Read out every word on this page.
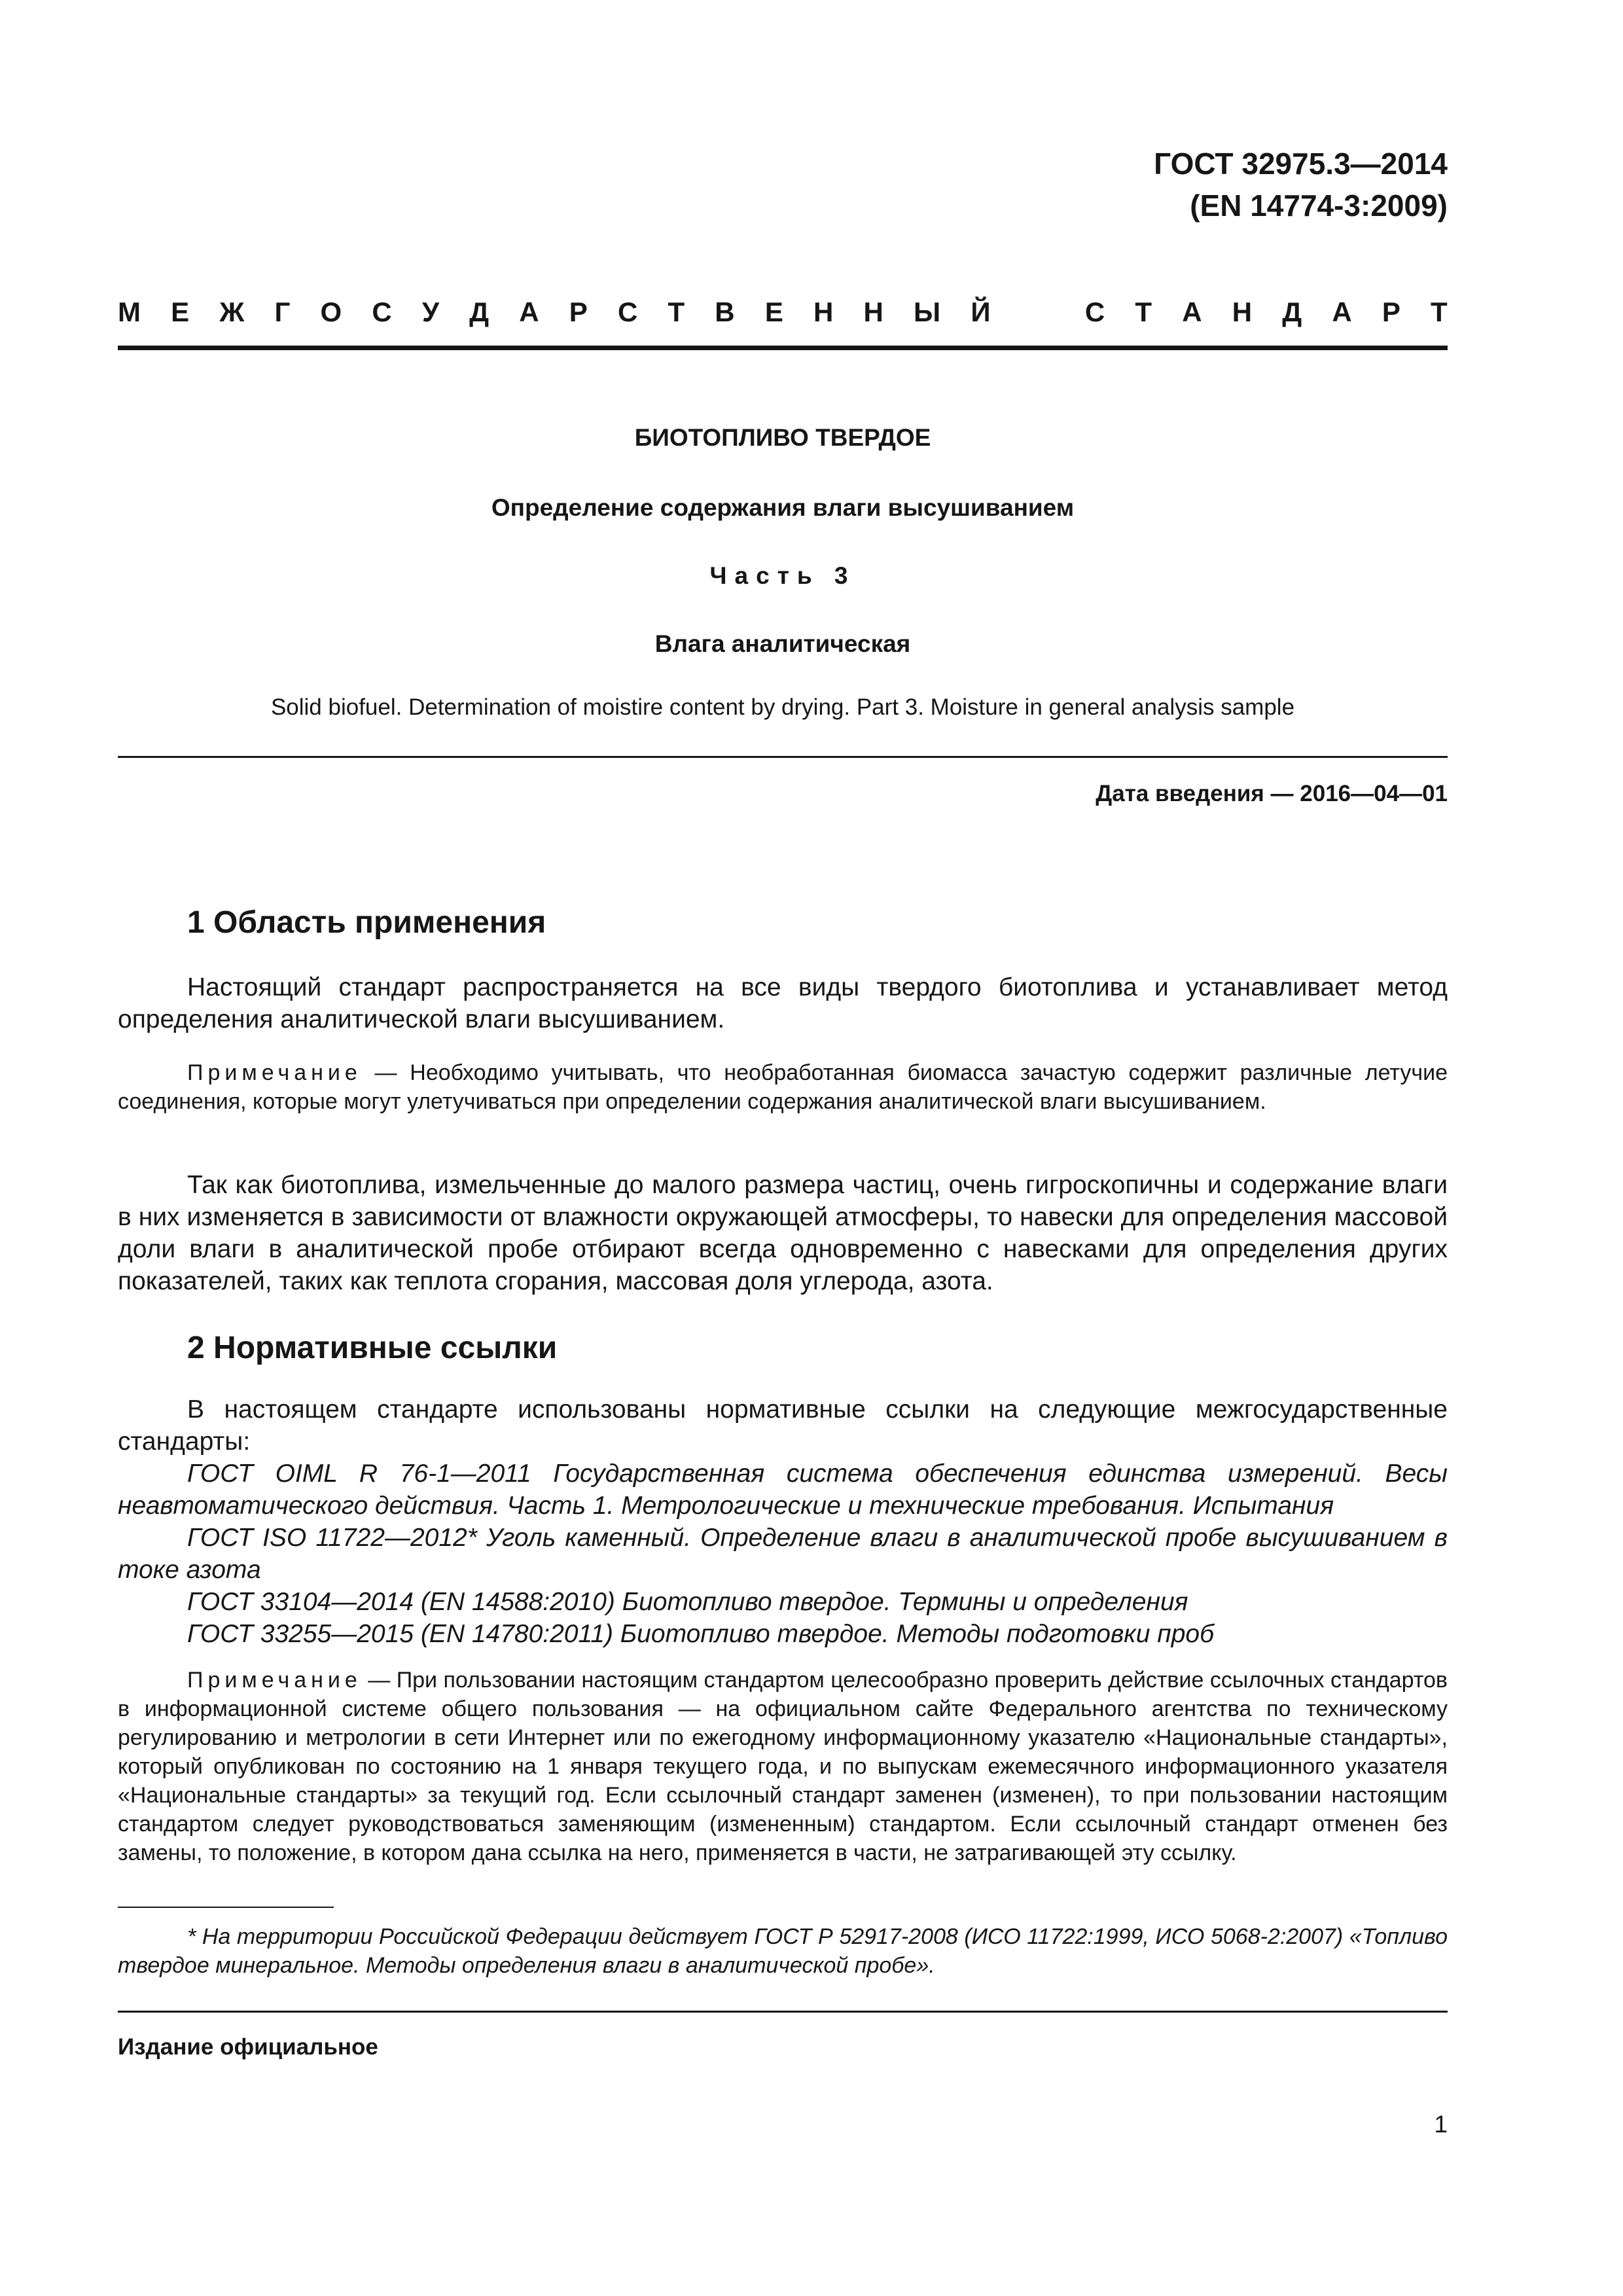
ГОСТ 32975.3—2014
(EN 14774-3:2009)
М Е Ж Г О С У Д А Р С Т В Е Н Н Ы Й	С Т А Н Д А Р Т
БИОТОПЛИВО ТВЕРДОЕ
Определение содержания влаги высушиванием
Часть 3
Влага аналитическая
Solid biofuel. Determination of moistire content by drying. Part 3. Moisture in general analysis sample
Дата введения — 2016—04—01
1 Область применения
Настоящий стандарт распространяется на все виды твердого биотоплива и устанавливает метод определения аналитической влаги высушиванием.
Примечание — Необходимо учитывать, что необработанная биомасса зачастую содержит различные летучие соединения, которые могут улетучиваться при определении содержания аналитической влаги высушиванием.
Так как биотоплива, измельченные до малого размера частиц, очень гигроскопичны и содержание влаги в них изменяется в зависимости от влажности окружающей атмосферы, то навески для определения массовой доли влаги в аналитической пробе отбирают всегда одновременно с навесками для определения других показателей, таких как теплота сгорания, массовая доля углерода, азота.
2 Нормативные ссылки
В настоящем стандарте использованы нормативные ссылки на следующие межгосударственные стандарты:
ГОСТ OIML R 76-1—2011 Государственная система обеспечения единства измерений. Весы неавтоматического действия. Часть 1. Метрологические и технические требования. Испытания
ГОСТ ISO 11722—2012* Уголь каменный. Определение влаги в аналитической пробе высушиванием в токе азота
ГОСТ 33104—2014 (EN 14588:2010) Биотопливо твердое. Термины и определения
ГОСТ 33255—2015 (EN 14780:2011) Биотопливо твердое. Методы подготовки проб
Примечание — При пользовании настоящим стандартом целесообразно проверить действие ссылочных стандартов в информационной системе общего пользования — на официальном сайте Федерального агентства по техническому регулированию и метрологии в сети Интернет или по ежегодному информационному указателю «Национальные стандарты», который опубликован по состоянию на 1 января текущего года, и по выпускам ежемесячного информационного указателя «Национальные стандарты» за текущий год. Если ссылочный стандарт заменен (изменен), то при пользовании настоящим стандартом следует руководствоваться заменяющим (измененным) стандартом. Если ссылочный стандарт отменен без замены, то положение, в котором дана ссылка на него, применяется в части, не затрагивающей эту ссылку.
* На территории Российской Федерации действует ГОСТ Р 52917-2008 (ИСО 11722:1999, ИСО 5068-2:2007) «Топливо твердое минеральное. Методы определения влаги в аналитической пробе».
Издание официальное
1
